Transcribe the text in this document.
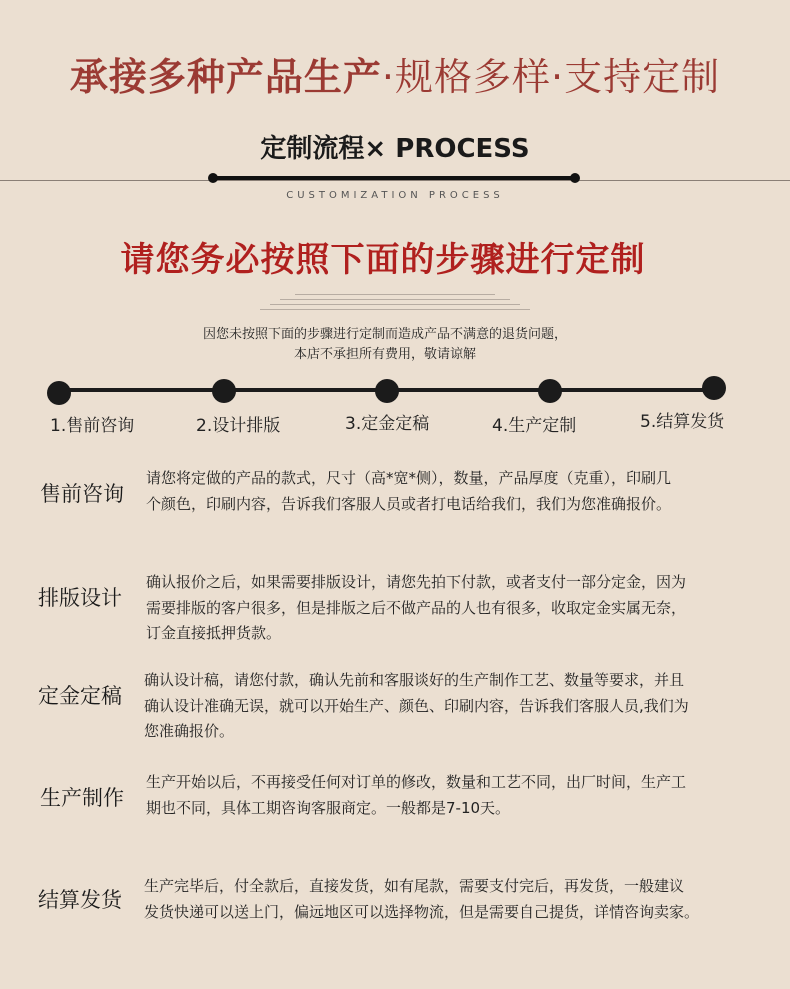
承接多种产品生产·规格多样·支持定制
定制流程× PROCESS
CUSTOMIZATION PROCESS
请您务必按照下面的步骤进行定制
因您未按照下面的步骤进行定制而造成产品不满意的退货问题，
本店不承担所有费用，敬请谅解
1.售前咨询	2.设计排版	3.定金定稿	4.生产定制	5.结算发货
售前咨询
请您将定做的产品的款式，尺寸（高*宽*侧），数量，产品厚度（克重），印刷几
个颜色，印刷内容，告诉我们客服人员或者打电话给我们，我们为您准确报价。
排版设计
确认报价之后，如果需要排版设计，请您先拍下付款，或者支付一部分定金，因为
需要排版的客户很多，但是排版之后不做产品的人也有很多，收取定金实属无奈，
订金直接抵押货款。
定金定稿
确认设计稿，请您付款，确认先前和客服谈好的生产制作工艺、数量等要求，并且
确认设计准确无误，就可以开始生产、颜色、印刷内容，告诉我们客服人员,我们为
您准确报价。
生产制作
生产开始以后，不再接受任何对订单的修改，数量和工艺不同，出厂时间，生产工
期也不同，具体工期咨询客服商定。一般都是7-10天。
结算发货
生产完毕后，付全款后，直接发货，如有尾款，需要支付完后，再发货，一般建议
发货快递可以送上门，偏远地区可以选择物流，但是需要自己提货，详情咨询卖家。
